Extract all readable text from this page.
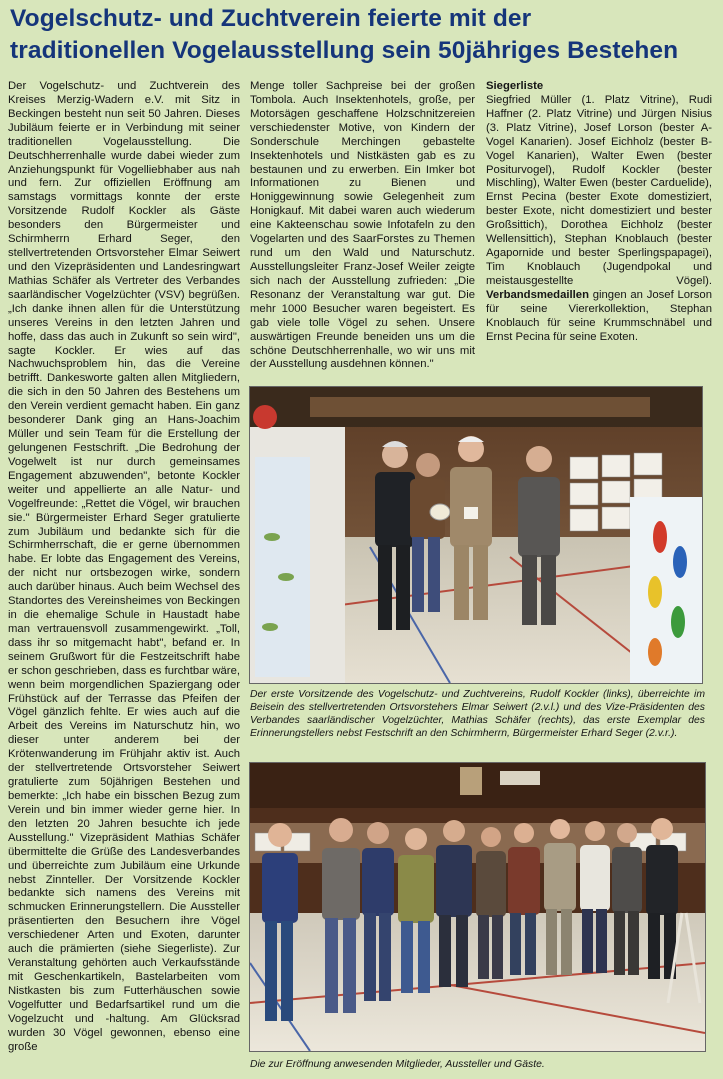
Vogelschutz- und Zuchtverein feierte mit der
traditionellen Vogelausstellung sein 50jähriges Bestehen

Der Vogelschutz- und Zuchtverein des Kreises Merzig-Wadern e.V. mit Sitz in Beckingen besteht nun seit 50 Jahren. Dieses Jubiläum feierte er in Verbindung mit seiner traditionellen Vogelausstellung. Die Deutschherrenhalle wurde dabei wieder zum Anziehungspunkt für Vogelliebhaber aus nah und fern. Zur offiziellen Eröffnung am samstags vormittags konnte der erste Vorsitzende Rudolf Kockler als Gäste besonders den Bürgermeister und Schirmherrn Erhard Seger, den stellvertretenden Ortsvorsteher Elmar Seiwert und den Vizepräsidenten und Landesringwart Mathias Schäfer als Vertreter des Verbandes saarländischer Vogelzüchter (VSV) begrüßen. „Ich danke ihnen allen für die Unterstützung unseres Vereins in den letzten Jahren und hoffe, dass das auch in Zukunft so sein wird", sagte Kockler. Er wies auf das Nachwuchsproblem hin, das die Vereine betrifft. Dankesworte galten allen Mitgliedern, die sich in den 50 Jahren des Bestehens um den Verein verdient gemacht haben. Ein ganz besonderer Dank ging an Hans-Joachim Müller und sein Team für die Erstellung der gelungenen Festschrift. „Die Bedrohung der Vogelwelt ist nur durch gemeinsames Engagement abzuwenden", betonte Kockler weiter und appellierte an alle Natur- und Vogelfreunde: „Rettet die Vögel, wir brauchen sie." Bürgermeister Erhard Seger gratulierte zum Jubiläum und bedankte sich für die Schirmherrschaft, die er gerne übernommen habe. Er lobte das Engagement des Vereins, der nicht nur ortsbezogen wirke, sondern auch darüber hinaus. Auch beim Wechsel des Standortes des Vereinsheimes von Beckingen in die ehemalige Schule in Haustadt habe man vertrauensvoll zusammengewirkt. „Toll, dass ihr so mitgemacht habt", befand er. In seinem Grußwort für die Festzeitschrift habe er schon geschrieben, dass es furchtbar wäre, wenn beim morgendlichen Spaziergang oder Frühstück auf der Terrasse das Pfeifen der Vögel gänzlich fehlte. Er wies auch auf die Arbeit des Vereins im Naturschutz hin, wo dieser unter anderem bei der Krötenwanderung im Frühjahr aktiv ist. Auch der stellvertretende Ortsvorsteher Seiwert gratulierte zum 50jährigen Bestehen und bemerkte: „Ich habe ein bisschen Bezug zum Verein und bin immer wieder gerne hier. In den letzten 20 Jahren besuchte ich jede Ausstellung." Vizepräsident Mathias Schäfer übermittelte die Grüße des Landesverbandes und überreichte zum Jubiläum eine Urkunde nebst Zinnteller. Der Vorsitzende Kockler bedankte sich namens des Vereins mit schmucken Erinnerungstellern. Die Aussteller präsentierten den Besuchern ihre Vögel verschiedener Arten und Exoten, darunter auch die prämierten (siehe Siegerliste). Zur Veranstaltung gehörten auch Verkaufsstände mit Geschenkartikeln, Bastelarbeiten vom Nistkasten bis zum Futterhäuschen sowie Vogelfutter und Bedarfsartikel rund um die Vogelzucht und -haltung. Am Glücksrad wurden 30 Vögel gewonnen, ebenso eine große

Menge toller Sachpreise bei der großen Tombola. Auch Insektenhotels, große, per Motorsägen geschaffene Holzschnitzereien verschiedenster Motive, von Kindern der Sonderschule Merchingen gebastelte Insektenhotels und Nistkästen gab es zu bestaunen und zu erwerben. Ein Imker bot Informationen zu Bienen und Honiggewinnung sowie Gelegenheit zum Honigkauf. Mit dabei waren auch wiederum eine Kakteenschau sowie Infotafeln zu den Vogelarten und des SaarForstes zu Themen rund um den Wald und Naturschutz. Ausstellungsleiter Franz-Josef Weiler zeigte sich nach der Ausstellung zufrieden: „Die Resonanz der Veranstaltung war gut. Die mehr 1000 Besucher waren begeistert. Es gab viele tolle Vögel zu sehen. Unsere auswärtigen Freunde beneiden uns um die schöne Deutschherrenhalle, wo wir uns mit der Ausstellung ausdehnen können."

Siegerliste

Siegfried Müller (1. Platz Vitrine), Rudi Haffner (2. Platz Vitrine) und Jürgen Nisius (3. Platz Vitrine), Josef Lorson (bester A-Vogel Kanarien). Josef Eichholz (bester B-Vogel Kanarien), Walter Ewen (bester Positurvogel), Rudolf Kockler (bester Mischling), Walter Ewen (bester Carduelide), Ernst Pecina (bester Exote domestiziert, bester Exote, nicht domestiziert und bester Großsittich), Dorothea Eichholz (bester Wellensittich), Stephan Knoblauch (bester Agapornide und bester Sperlingspapagei), Tim Knoblauch (Jugendpokal und meistausgestellte Vögel). Verbandsmedaillen gingen an Josef Lorson für seine Viererkollektion, Stephan Knoblauch für seine Krummschnäbel und Ernst Pecina für seine Exoten.

Der erste Vorsitzende des Vogelschutz- und Zuchtvereins, Rudolf Kockler (links), überreichte im Beisein des stellvertretenden Ortsvorstehers Elmar Seiwert (2.v.l.) und des Vize-Präsidenten des Verbandes saarländischer Vogelzüchter, Mathias Schäfer (rechts), das erste Exemplar des Erinnerungstellers nebst Festschrift an den Schirmherrn, Bürgermeister Erhard Seger (2.v.r.).
Die zur Eröffnung anwesenden Mitglieder, Aussteller und Gäste.
